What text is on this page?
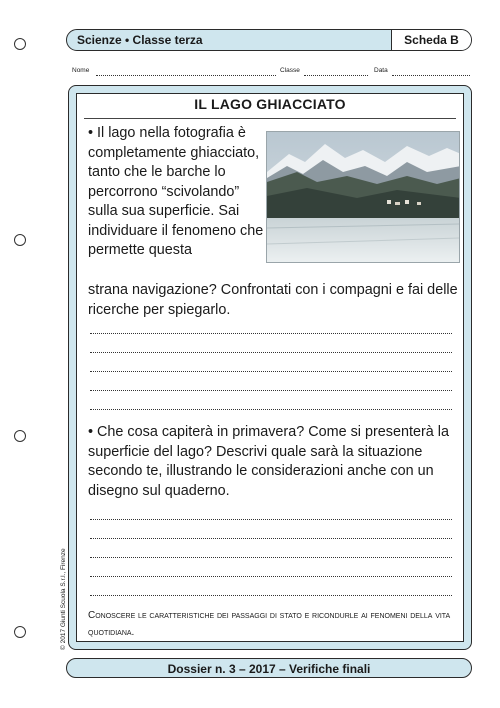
Scienze • Classe terza	Scheda B
Nome	Classe	Data
IL LAGO GHIACCIATO
• Il lago nella fotografia è completamente ghiacciato, tanto che le barche lo percorrono “scivolando” sulla sua superficie. Sai individuare il fenomeno che permette questa
strana navigazione? Confrontati con i compagni e fai delle ricerche per spiegarlo.
• Che cosa capiterà in primavera? Come si presenterà la superficie del lago? Descrivi quale sarà la situazione secondo te, illustrando le considerazioni anche con un disegno sul quaderno.
Conoscere le caratteristiche dei passaggi di stato e ricondurle ai fenomeni della vita quotidiana.
© 2017 Giunti Scuola S.r.l., Firenze
Dossier n. 3 – 2017 – Verifiche finali
